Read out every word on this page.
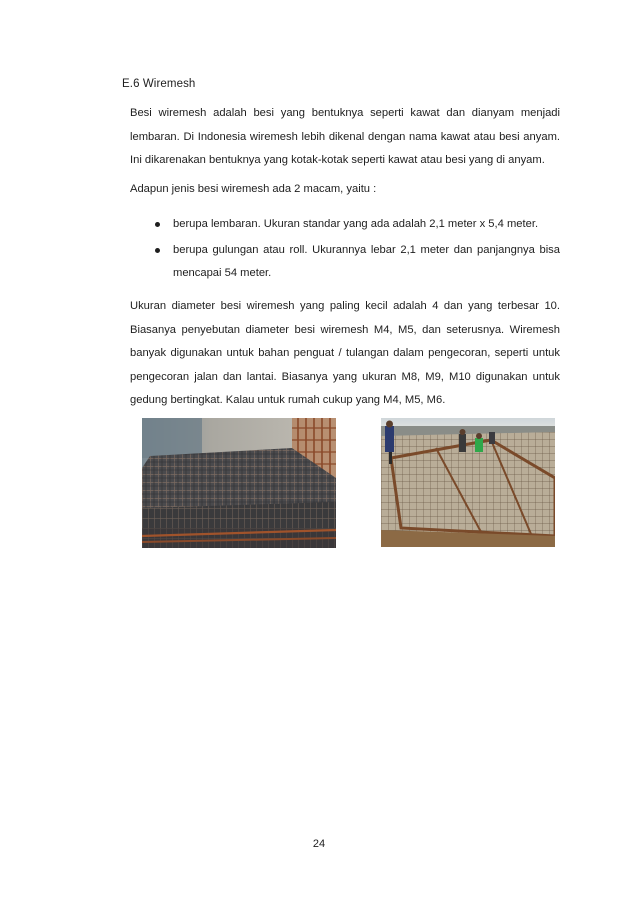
E.6 Wiremesh

Besi wiremesh adalah besi yang bentuknya seperti kawat dan dianyam menjadi lembaran. Di Indonesia wiremesh lebih dikenal dengan nama kawat atau besi anyam. Ini dikarenakan bentuknya yang kotak-kotak seperti kawat atau besi yang di anyam.

Adapun jenis besi wiremesh ada 2 macam, yaitu :

berupa lembaran. Ukuran standar yang ada adalah 2,1 meter x 5,4 meter.
berupa gulungan atau roll. Ukurannya lebar 2,1 meter dan panjangnya bisa mencapai 54 meter.

Ukuran diameter besi wiremesh yang paling kecil adalah 4 dan yang terbesar 10. Biasanya penyebutan diameter besi wiremesh M4, M5, dan seterusnya. Wiremesh banyak digunakan untuk bahan penguat / tulangan dalam pengecoran, seperti untuk pengecoran jalan dan lantai. Biasanya yang ukuran M8, M9, M10 digunakan untuk gedung bertingkat. Kalau untuk rumah cukup yang M4, M5, M6.

24
